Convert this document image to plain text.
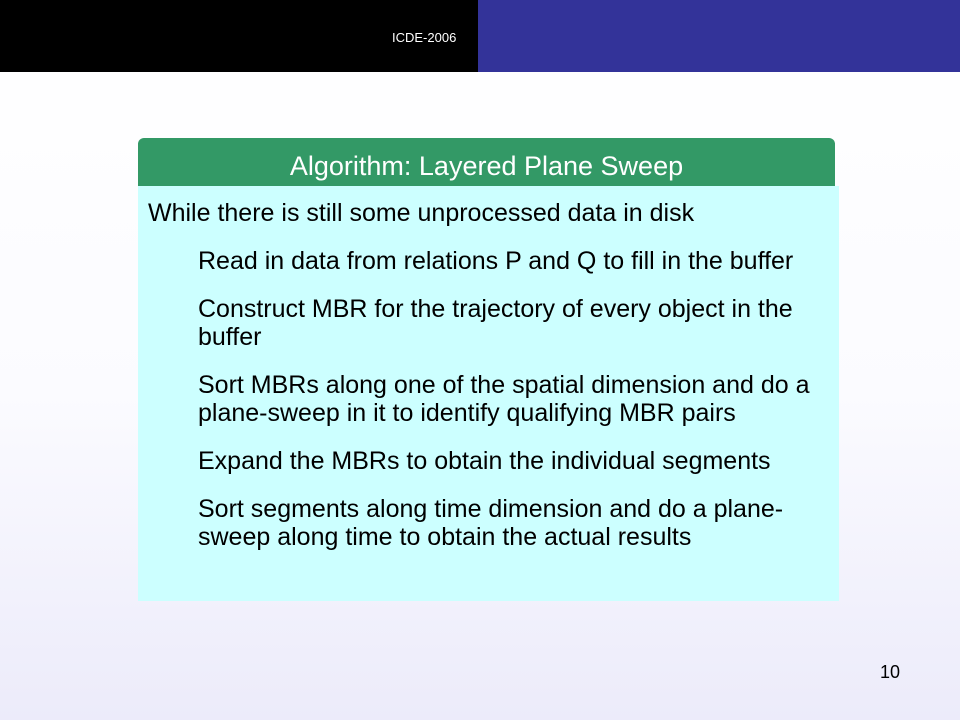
ICDE-2006
Algorithm: Layered Plane Sweep

While there is still some unprocessed data in disk

Read in data from relations P and Q to fill in the buffer

Construct MBR for the trajectory of every object in the buffer

Sort MBRs along one of the spatial dimension and do a plane-sweep in it to identify qualifying MBR pairs

Expand the MBRs to obtain the individual segments

Sort segments along time dimension and do a plane-sweep along time to obtain the actual results

10
